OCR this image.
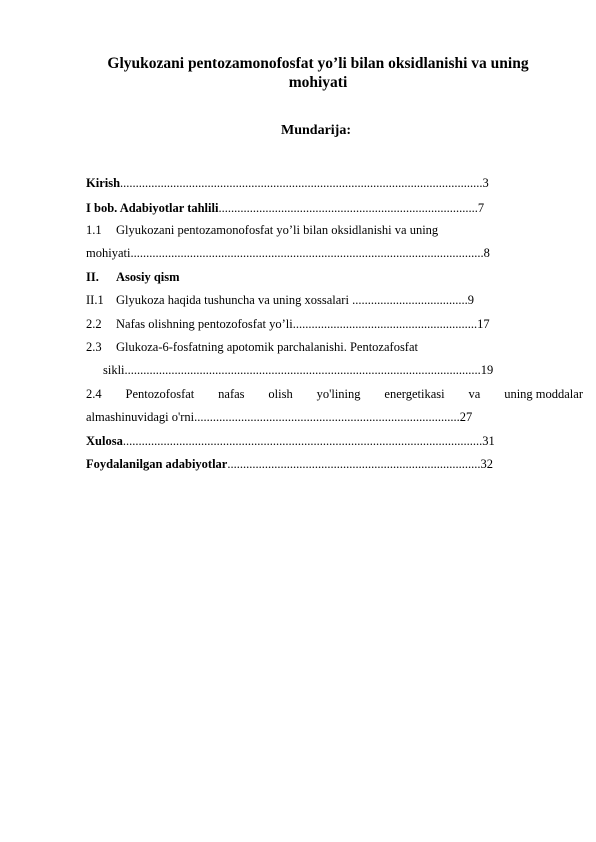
Glyukozani pentozamonofosfat yo’li bilan oksidlanishi va uning mohiyati
Mundarija:
Kirish....................................................................................................................3
I bob. Adabiyotlar tahlili...................................................................................7
1.1 Glyukozani pentozamonofosfat yo’li bilan oksidlanishi va uning
mohiyati.................................................................................................................8
II. Asosiy qism
II.1 Glyukoza haqida tushuncha va uning xossalari .....................................9
2.2 Nafas olishning pentozofosfat yo’li...........................................................17
2.3 Glukoza-6-fosfatning apotomik parchalanishi. Pentozafosfat
sikli..................................................................................................................19
2.4 Pentozofosfat nafas olish yo'lining energetikasi va uning moddalar
almashinuvidagi o'rni.....................................................................................27
Xulosa...................................................................................................................31
Foydalanilgan adabiyotlar.................................................................................32
